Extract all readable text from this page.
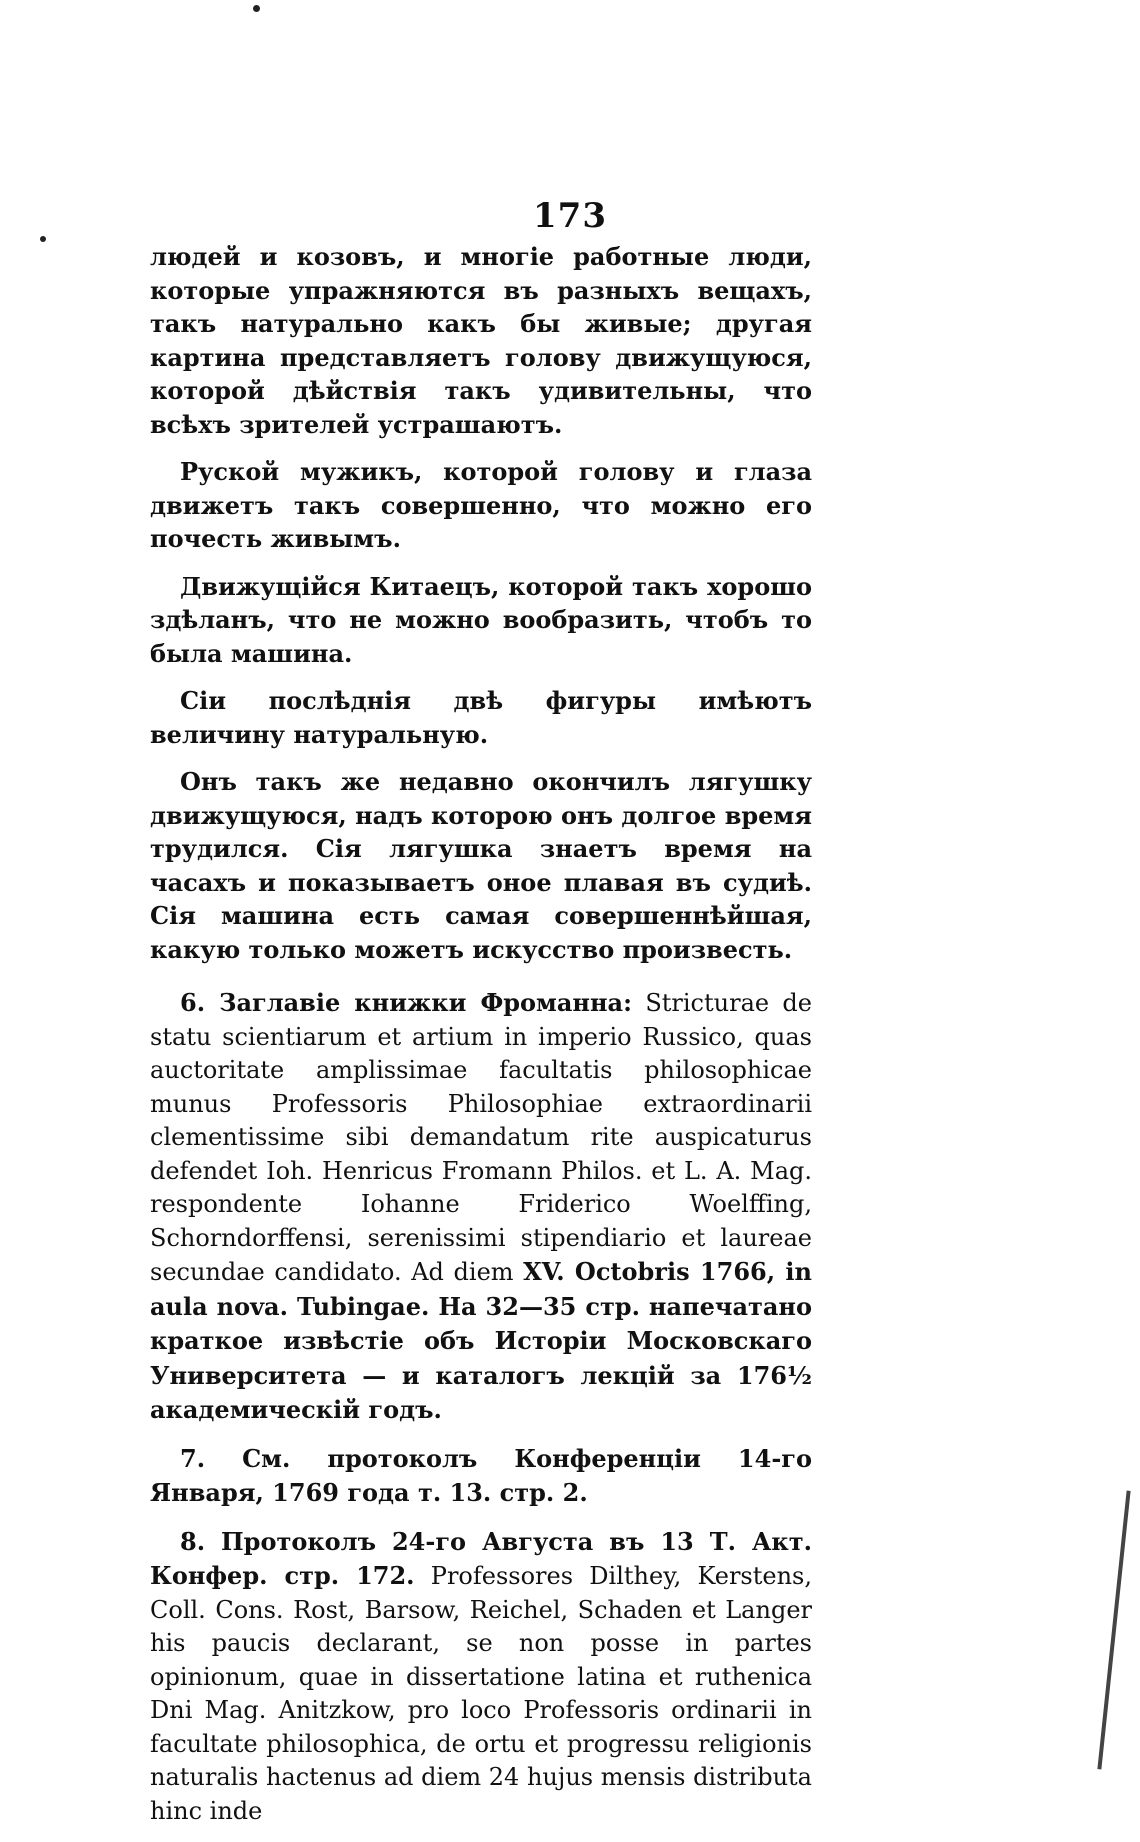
173

людей и козовъ, и многіе работные люди, которые упражняются въ разныхъ вещахъ, такъ натурально какъ бы живые; другая картина представляетъ голову движущуюся, которой дѣйствія такъ удивительны, что всѣхъ зрителей устрашаютъ.

Руской мужикъ, которой голову и глаза движетъ такъ совершенно, что можно его почесть живымъ.

Движущійся Китаецъ, которой такъ хорошо здѣланъ, что не можно вообразить, чтобъ то была машина.

Сіи послѣднія двѣ фигуры имѣютъ величину натуральную.

Онъ такъ же недавно окончилъ лягушку движущуюся, надъ которою онъ долгое время трудился. Сія лягушка знаетъ время на часахъ и показываетъ оное плавая въ судиѣ. Сія машина есть самая совершеннѣйшая, какую только можетъ искусство произвесть.

6. Заглавіе книжки Фроманна: Stricturae de statu scientiarum et artium in imperio Russico, quas auctoritate amplissimae facultatis philosophicae munus Professoris Philosophiae extraordinarii clementissime sibi demandatum rite auspicaturus defendet Ioh. Henricus Fromann Philos. et L. A. Mag. respondente Iohanne Friderico Woelffing, Schorndorffensi, serenissimi stipendiario et laureae secundae candidato. Ad diem XV. Octobris 1766, in aula nova. Tubingae. На 32—35 стр. напечатано краткое извѣстіе объ Исторіи Московскаго Университета — и каталогъ лекцій за 176½ академическій годъ.

7. См. протоколъ Конференціи 14-го Января, 1769 года т. 13. стр. 2.

8. Протоколъ 24-го Августа въ 13 Т. Акт. Конфер. стр. 172. Professores Dilthey, Kerstens, Coll. Cons. Rost, Barsow, Reichel, Schaden et Langer his paucis declarant, se non posse in partes opinionum, quae in dissertatione latina et ruthenica Dni Mag. Anitzkow, pro loco Professoris ordinarii in facultate philosophica, de ortu et progressu religionis naturalis hactenus ad diem 24 hujus mensis distributa hinc inde
